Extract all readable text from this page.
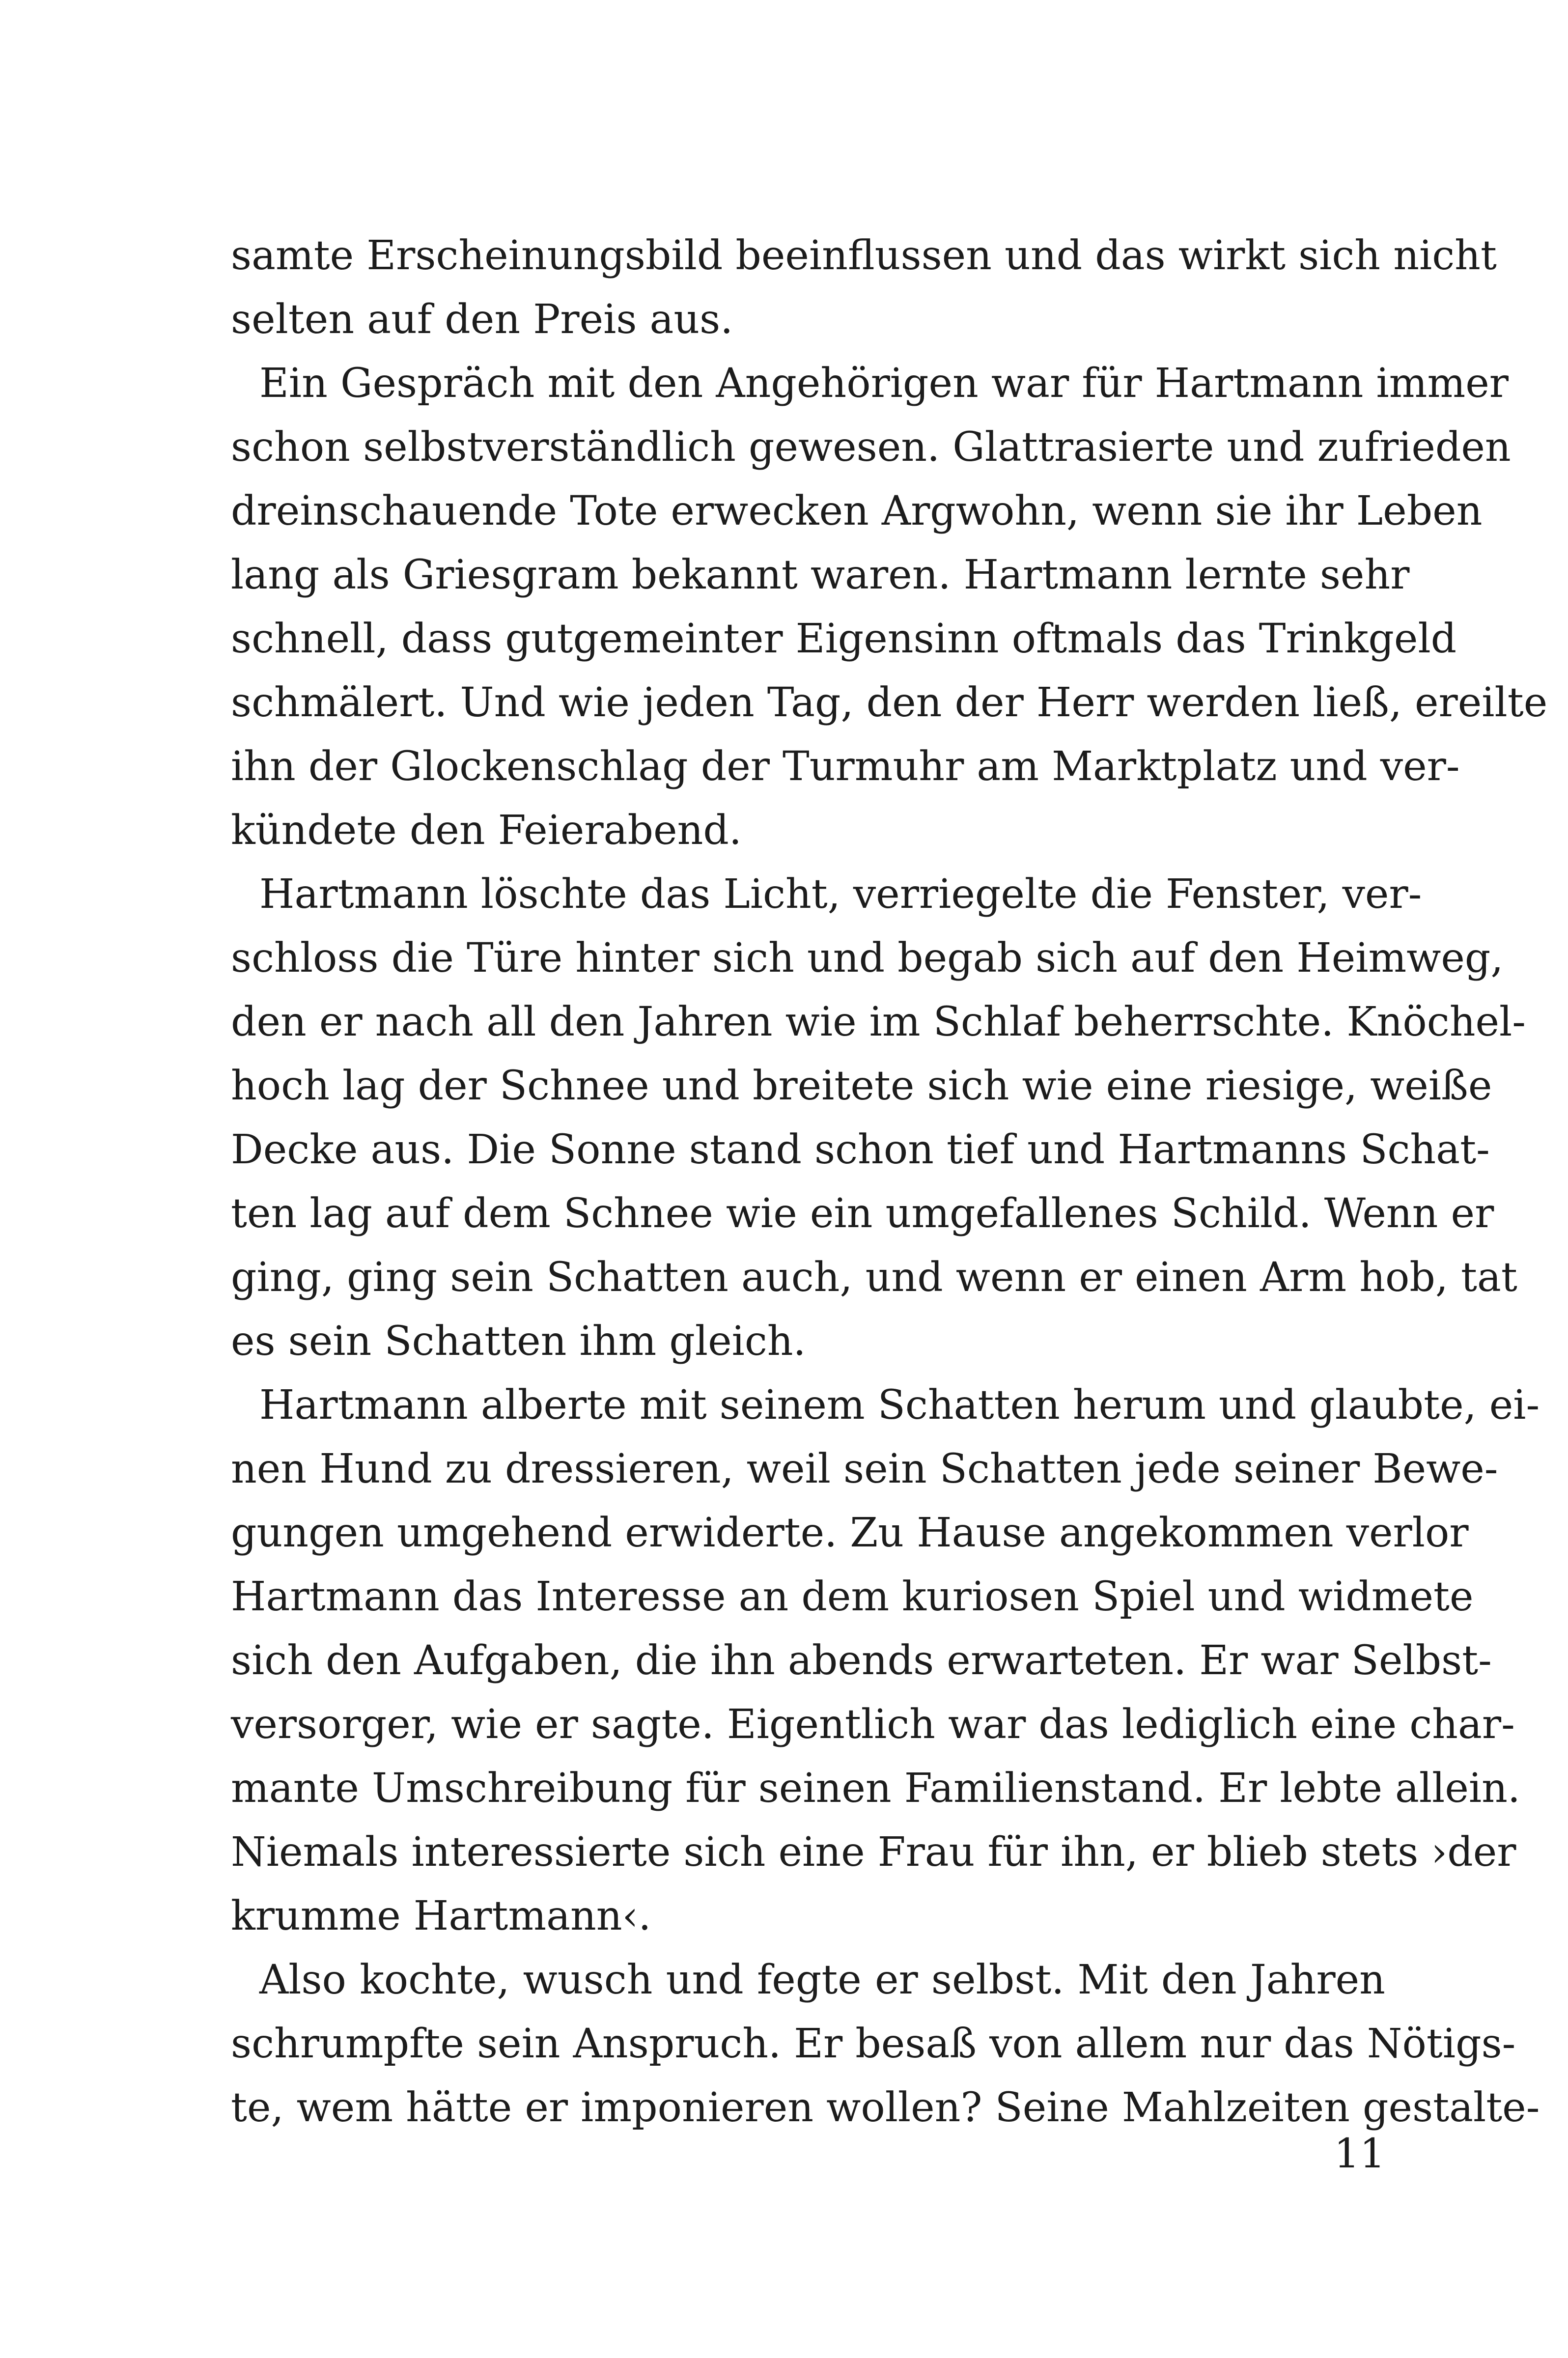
samte Erscheinungsbild beeinflussen und das wirkt sich nicht
selten auf den Preis aus.
Ein Gespräch mit den Angehörigen war für Hartmann immer
schon selbstverständlich gewesen. Glattrasierte und zufrieden
dreinschauende Tote erwecken Argwohn, wenn sie ihr Leben
lang als Griesgram bekannt waren. Hartmann lernte sehr
schnell, dass gutgemeinter Eigensinn oftmals das Trinkgeld
schmälert. Und wie jeden Tag, den der Herr werden ließ, ereilte
ihn der Glockenschlag der Turmuhr am Marktplatz und ver-
kündete den Feierabend.
Hartmann löschte das Licht, verriegelte die Fenster, ver-
schloss die Türe hinter sich und begab sich auf den Heimweg,
den er nach all den Jahren wie im Schlaf beherrschte. Knöchel-
hoch lag der Schnee und breitete sich wie eine riesige, weiße
Decke aus. Die Sonne stand schon tief und Hartmanns Schat-
ten lag auf dem Schnee wie ein umgefallenes Schild. Wenn er
ging, ging sein Schatten auch, und wenn er einen Arm hob, tat
es sein Schatten ihm gleich.
Hartmann alberte mit seinem Schatten herum und glaubte, ei-
nen Hund zu dressieren, weil sein Schatten jede seiner Bewe-
gungen umgehend erwiderte. Zu Hause angekommen verlor
Hartmann das Interesse an dem kuriosen Spiel und widmete
sich den Aufgaben, die ihn abends erwarteten. Er war Selbst-
versorger, wie er sagte. Eigentlich war das lediglich eine char-
mante Umschreibung für seinen Familienstand. Er lebte allein.
Niemals interessierte sich eine Frau für ihn, er blieb stets ›der
krumme Hartmann‹.
Also kochte, wusch und fegte er selbst. Mit den Jahren
schrumpfte sein Anspruch. Er besaß von allem nur das Nötigs-
te, wem hätte er imponieren wollen? Seine Mahlzeiten gestalte-
11
